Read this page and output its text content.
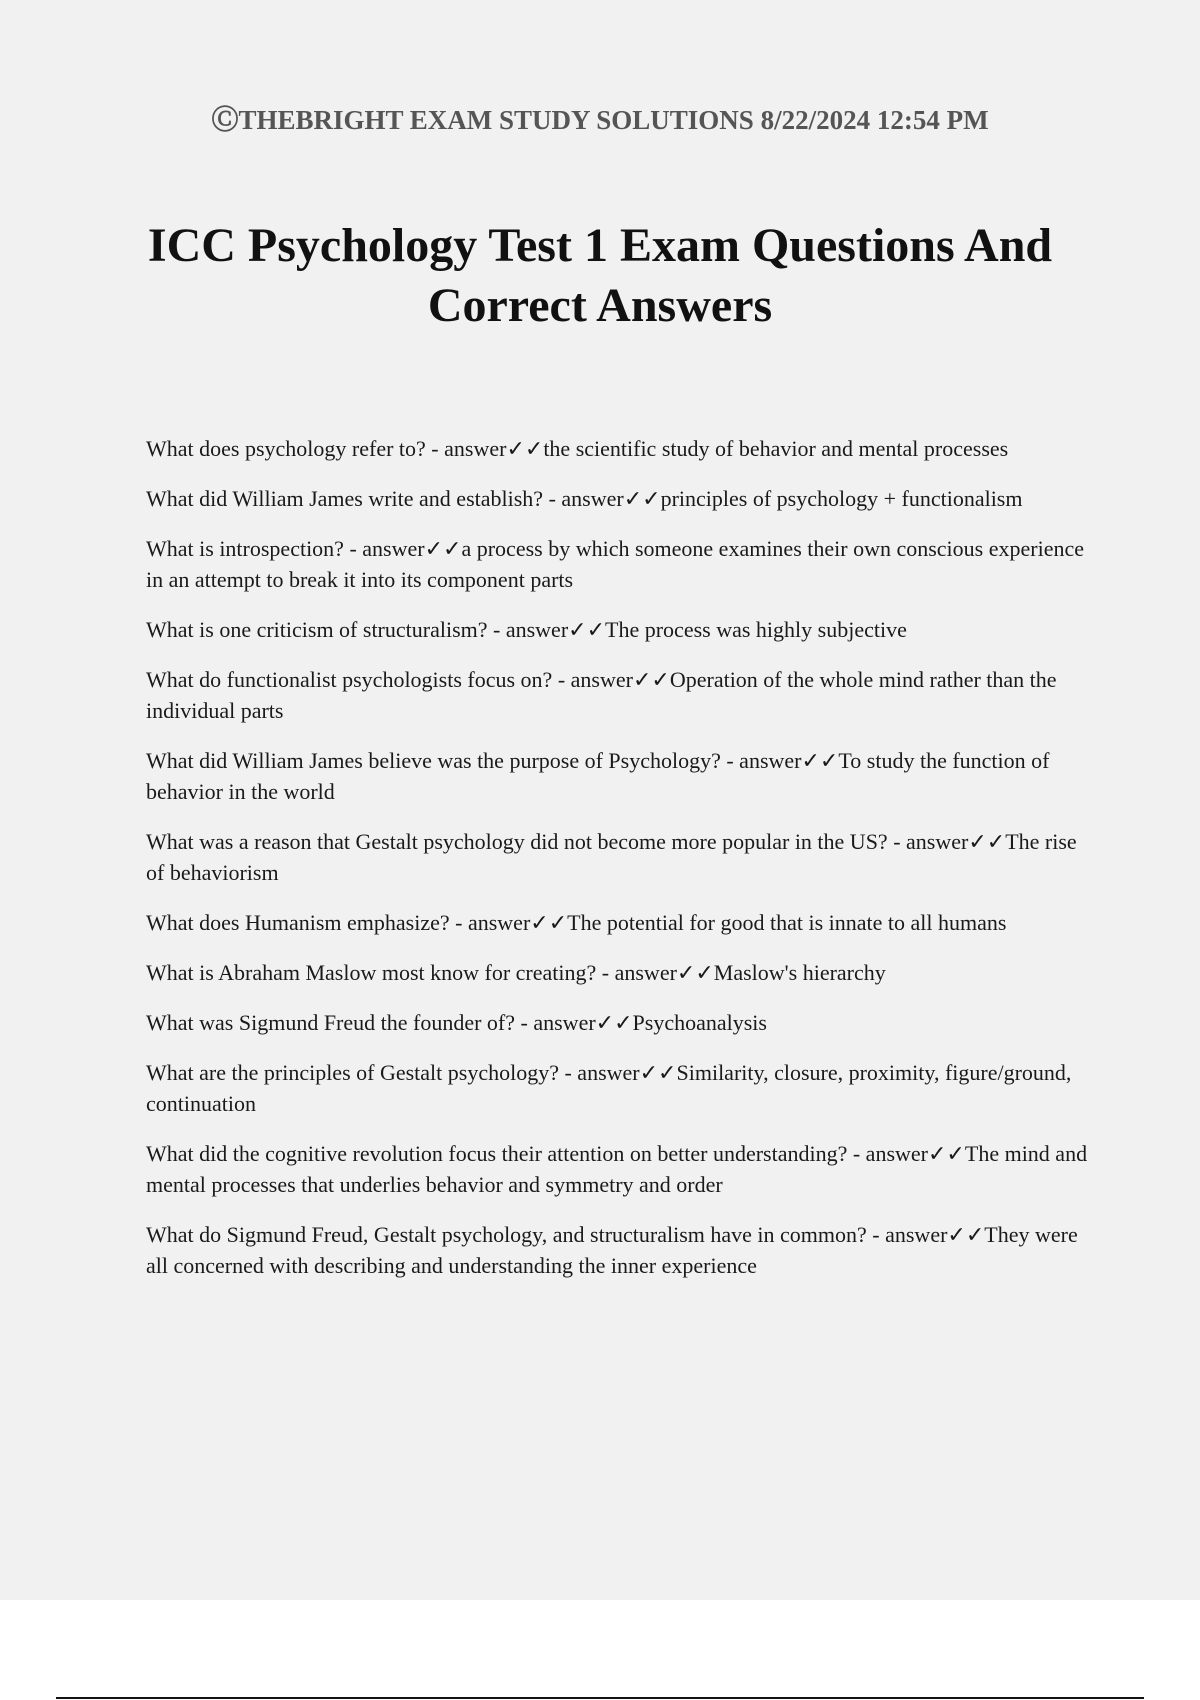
ⒸTHEBRIGHT EXAM STUDY SOLUTIONS 8/22/2024 12:54 PM
ICC Psychology Test 1 Exam Questions And Correct Answers

What does psychology refer to? - answer✓✓the scientific study of behavior and mental processes

What did William James write and establish? - answer✓✓principles of psychology + functionalism

What is introspection? - answer✓✓a process by which someone examines their own conscious experience in an attempt to break it into its component parts

What is one criticism of structuralism? - answer✓✓The process was highly subjective

What do functionalist psychologists focus on? - answer✓✓Operation of the whole mind rather than the individual parts

What did William James believe was the purpose of Psychology? - answer✓✓To study the function of behavior in the world

What was a reason that Gestalt psychology did not become more popular in the US? - answer✓✓The rise of behaviorism

What does Humanism emphasize? - answer✓✓The potential for good that is innate to all humans

What is Abraham Maslow most know for creating? - answer✓✓Maslow's hierarchy

What was Sigmund Freud the founder of? - answer✓✓Psychoanalysis

What are the principles of Gestalt psychology? - answer✓✓Similarity, closure, proximity, figure/ground, continuation

What did the cognitive revolution focus their attention on better understanding? - answer✓✓The mind and mental processes that underlies behavior and symmetry and order

What do Sigmund Freud, Gestalt psychology, and structuralism have in common? - answer✓✓They were all concerned with describing and understanding the inner experience
